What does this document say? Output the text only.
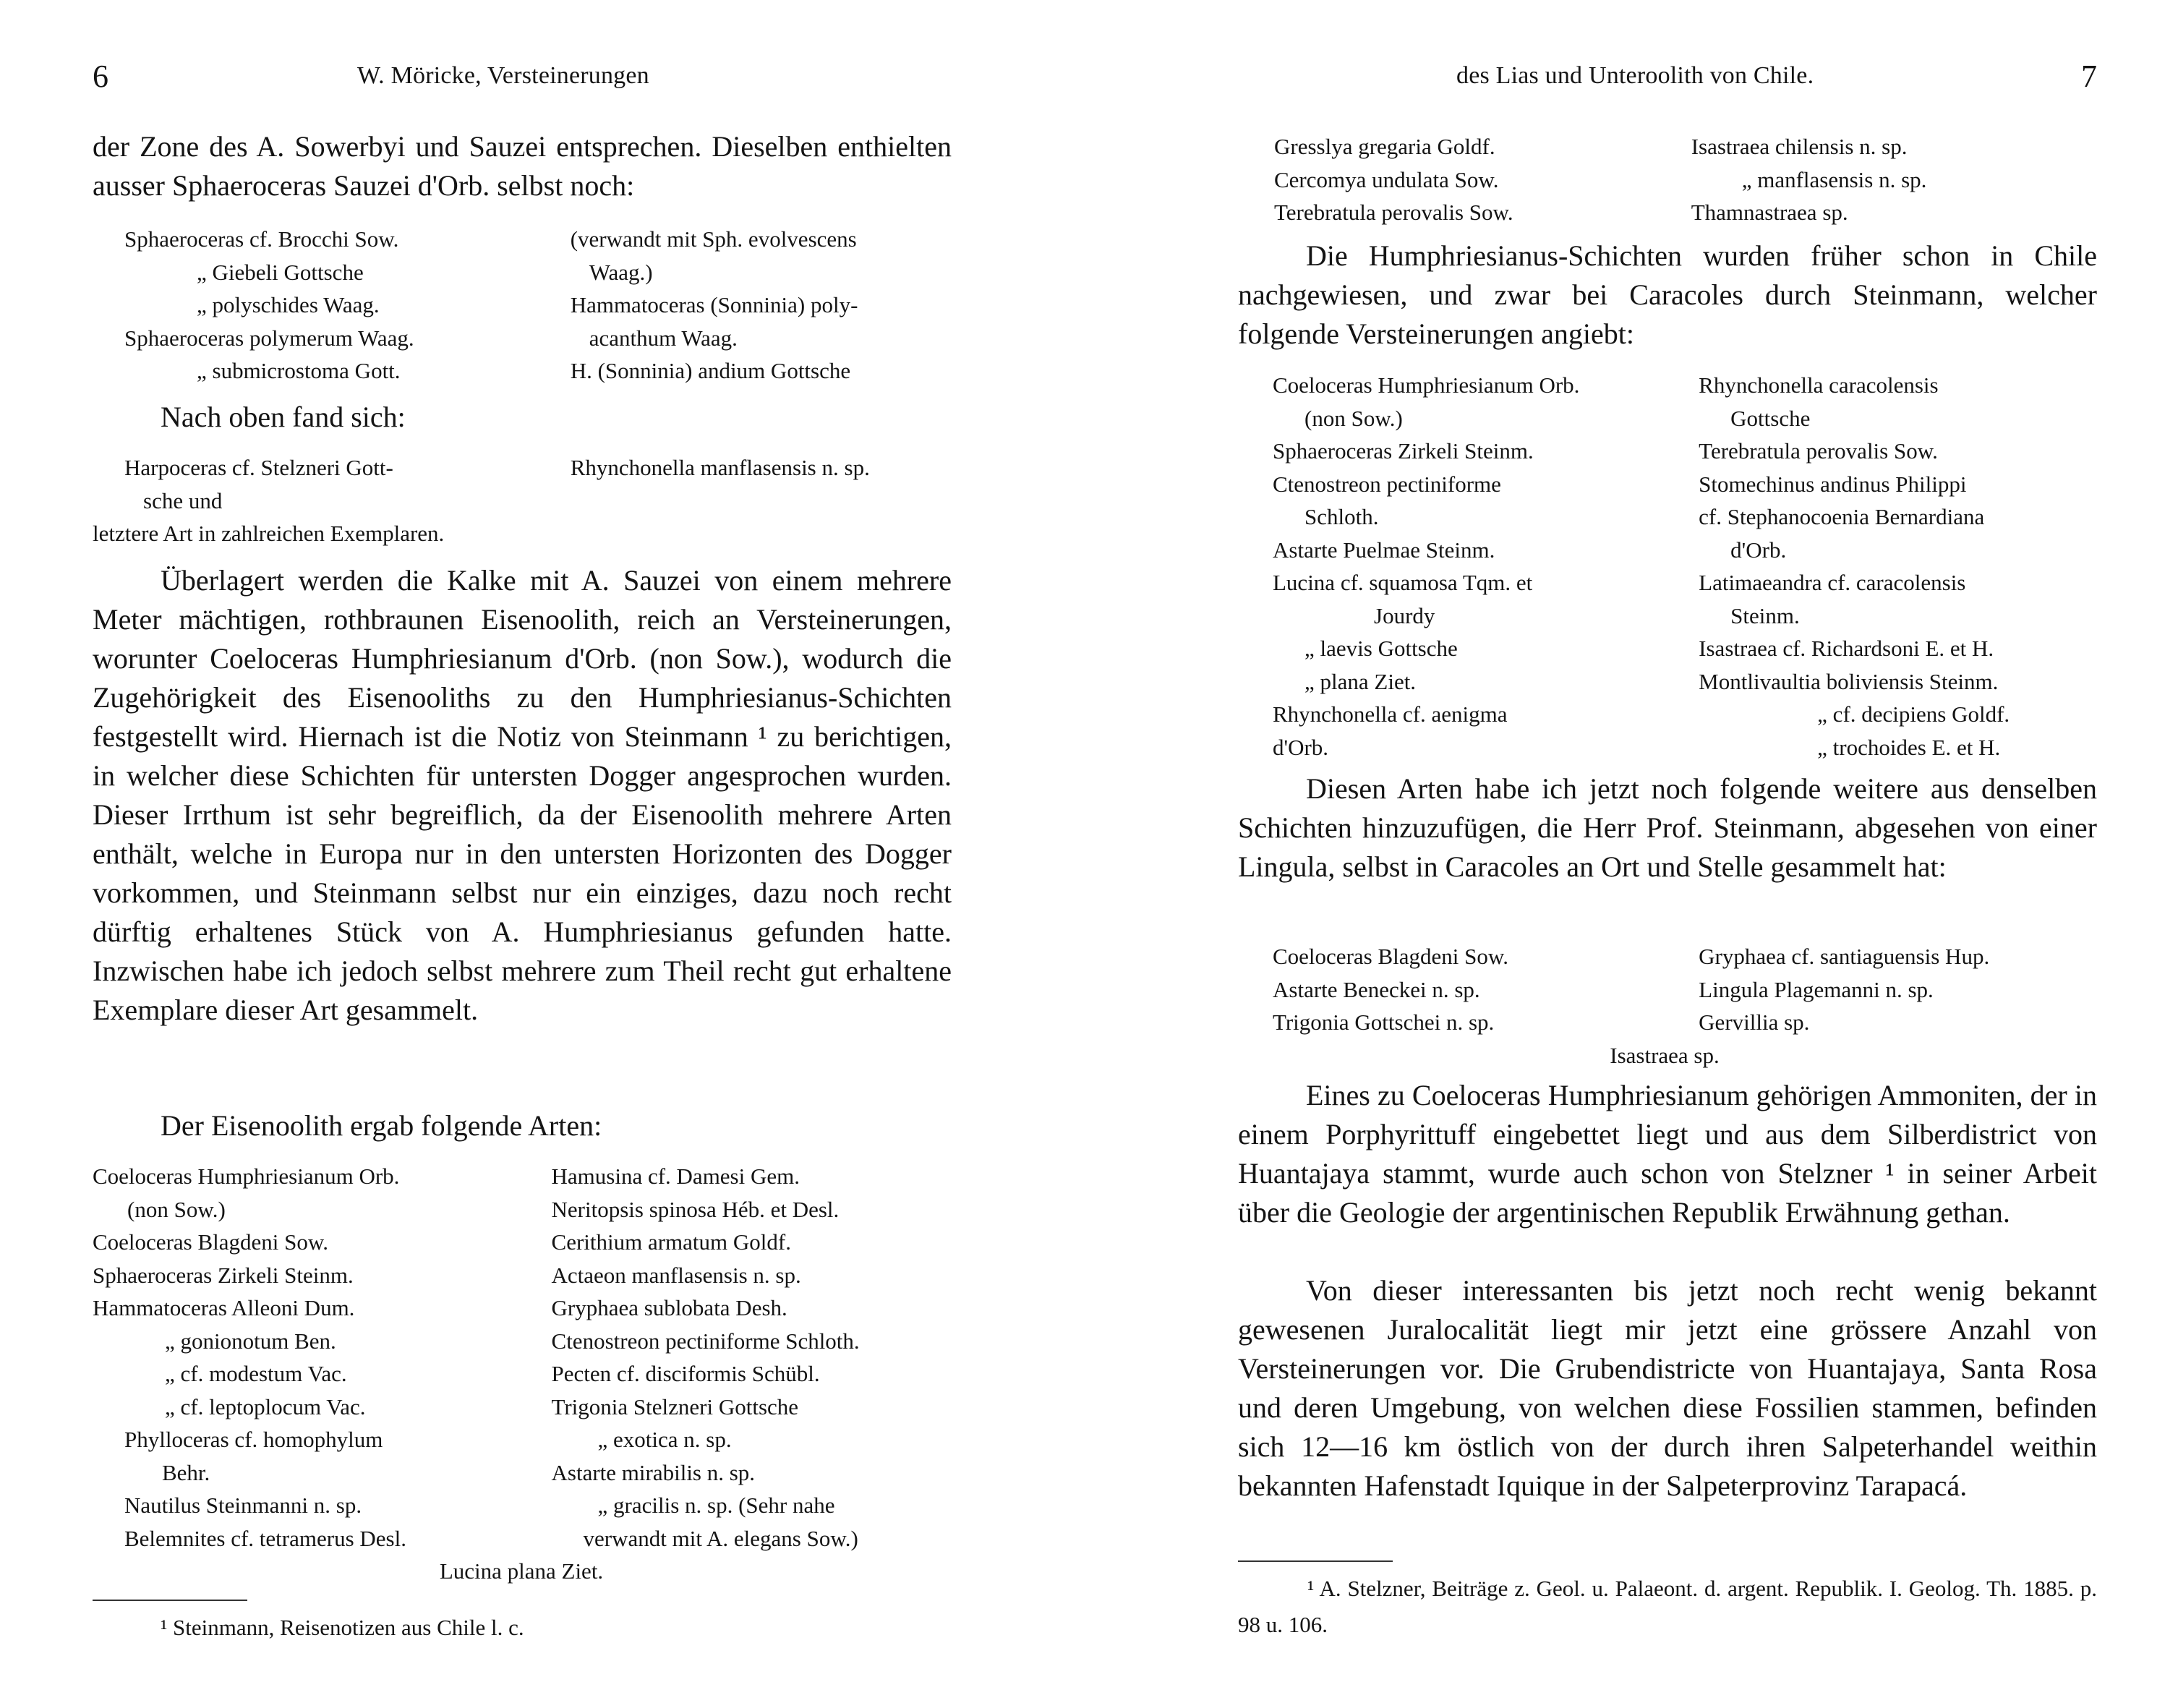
6	W. Möricke, Versteinerungen
der Zone des A. Sowerbyi und Sauzei entsprechen. Dieselben enthielten ausser Sphaeroceras Sauzei d'Orb. selbst noch:
Sphaeroceras cf. Brocchi Sow.
„ Giebeli Gottsche
„ polyschides Waag.
Sphaeroceras polymerum Waag.
„ submicrostoma Gott.
(verwandt mit Sph. evolvescens
Waag.)
Hammatoceras (Sonninia) poly-
acanthum Waag.
H. (Sonninia) andium Gottsche
Nach oben fand sich:
Harpoceras cf. Stelzneri Gott-
sche und
Rhynchonella manflasensis n. sp.
letztere Art in zahlreichen Exemplaren.
Überlagert werden die Kalke mit A. Sauzei von einem mehrere Meter mächtigen, rothbraunen Eisenoolith, reich an Versteinerungen, worunter Coeloceras Humphriesianum d'Orb. (non Sow.), wodurch die Zugehörigkeit des Eisenooliths zu den Humphriesianus-Schichten festgestellt wird. Hiernach ist die Notiz von Steinmann ¹ zu berichtigen, in welcher diese Schichten für untersten Dogger angesprochen wurden. Dieser Irrthum ist sehr begreiflich, da der Eisenoolith mehrere Arten enthält, welche in Europa nur in den untersten Horizonten des Dogger vorkommen, und Steinmann selbst nur ein einziges, dazu noch recht dürftig erhaltenes Stück von A. Humphriesianus gefunden hatte. Inzwischen habe ich jedoch selbst mehrere zum Theil recht gut erhaltene Exemplare dieser Art gesammelt.
Der Eisenoolith ergab folgende Arten:
Coeloceras Humphriesianum Orb.
(non Sow.)
Coeloceras Blagdeni Sow.
Sphaeroceras Zirkeli Steinm.
Hammatoceras Alleoni Dum.
„ gonionotum Ben.
„ cf. modestum Vac.
„ cf. leptoplocum Vac.
Phylloceras cf. homophylum
Behr.
Nautilus Steinmanni n. sp.
Belemnites cf. tetramerus Desl.
Hamusina cf. Damesi Gem.
Neritopsis spinosa Héb. et Desl.
Cerithium armatum Goldf.
Actaeon manflasensis n. sp.
Gryphaea sublobata Desh.
Ctenostreon pectiniforme Schloth.
Pecten cf. disciformis Schübl.
Trigonia Stelzneri Gottsche
„ exotica n. sp.
Astarte mirabilis n. sp.
„ gracilis n. sp. (Sehr nahe
verwandt mit A. elegans Sow.)
Lucina plana Ziet.
¹ Steinmann, Reisenotizen aus Chile l. c.
des Lias und Unteroolith von Chile.	7
Gresslya gregaria Goldf.
Cercomya undulata Sow.
Terebratula perovalis Sow.
Isastraea chilensis n. sp.
„ manflasensis n. sp.
Thamnastraea sp.
Die Humphriesianus-Schichten wurden früher schon in Chile nachgewiesen, und zwar bei Caracoles durch Steinmann, welcher folgende Versteinerungen angiebt:
Coeloceras Humphriesianum Orb.
(non Sow.)
Sphaeroceras Zirkeli Steinm.
Ctenostreon pectiniforme
Schloth.
Astarte Puelmae Steinm.
Lucina cf. squamosa Tqm. et
Jourdy
„ laevis Gottsche
„ plana Ziet.
Rhynchonella cf. aenigma
d'Orb.
Rhynchonella caracolensis
Gottsche
Terebratula perovalis Sow.
Stomechinus andinus Philippi
cf. Stephanocoenia Bernardiana
d'Orb.
Latimaeandra cf. caracolensis
Steinm.
Isastraea cf. Richardsoni E. et H.
Montlivaultia boliviensis Steinm.
„ cf. decipiens Goldf.
„ trochoides E. et H.
Diesen Arten habe ich jetzt noch folgende weitere aus denselben Schichten hinzuzufügen, die Herr Prof. Steinmann, abgesehen von einer Lingula, selbst in Caracoles an Ort und Stelle gesammelt hat:
Coeloceras Blagdeni Sow.
Astarte Beneckei n. sp.
Trigonia Gottschei n. sp.
Gryphaea cf. santiaguensis Hup.
Lingula Plagemanni n. sp.
Gervillia sp.
Isastraea sp.
Eines zu Coeloceras Humphriesianum gehörigen Ammoniten, der in einem Porphyrittuff eingebettet liegt und aus dem Silberdistrict von Huantajaya stammt, wurde auch schon von Stelzner ¹ in seiner Arbeit über die Geologie der argentinischen Republik Erwähnung gethan.
Von dieser interessanten bis jetzt noch recht wenig bekannt gewesenen Juralocalität liegt mir jetzt eine grössere Anzahl von Versteinerungen vor. Die Grubendistricte von Huantajaya, Santa Rosa und deren Umgebung, von welchen diese Fossilien stammen, befinden sich 12—16 km östlich von der durch ihren Salpeterhandel weithin bekannten Hafenstadt Iquique in der Salpeterprovinz Tarapacá.
¹ A. Stelzner, Beiträge z. Geol. u. Palaeont. d. argent. Republik. I. Geolog. Th. 1885. p. 98 u. 106.
